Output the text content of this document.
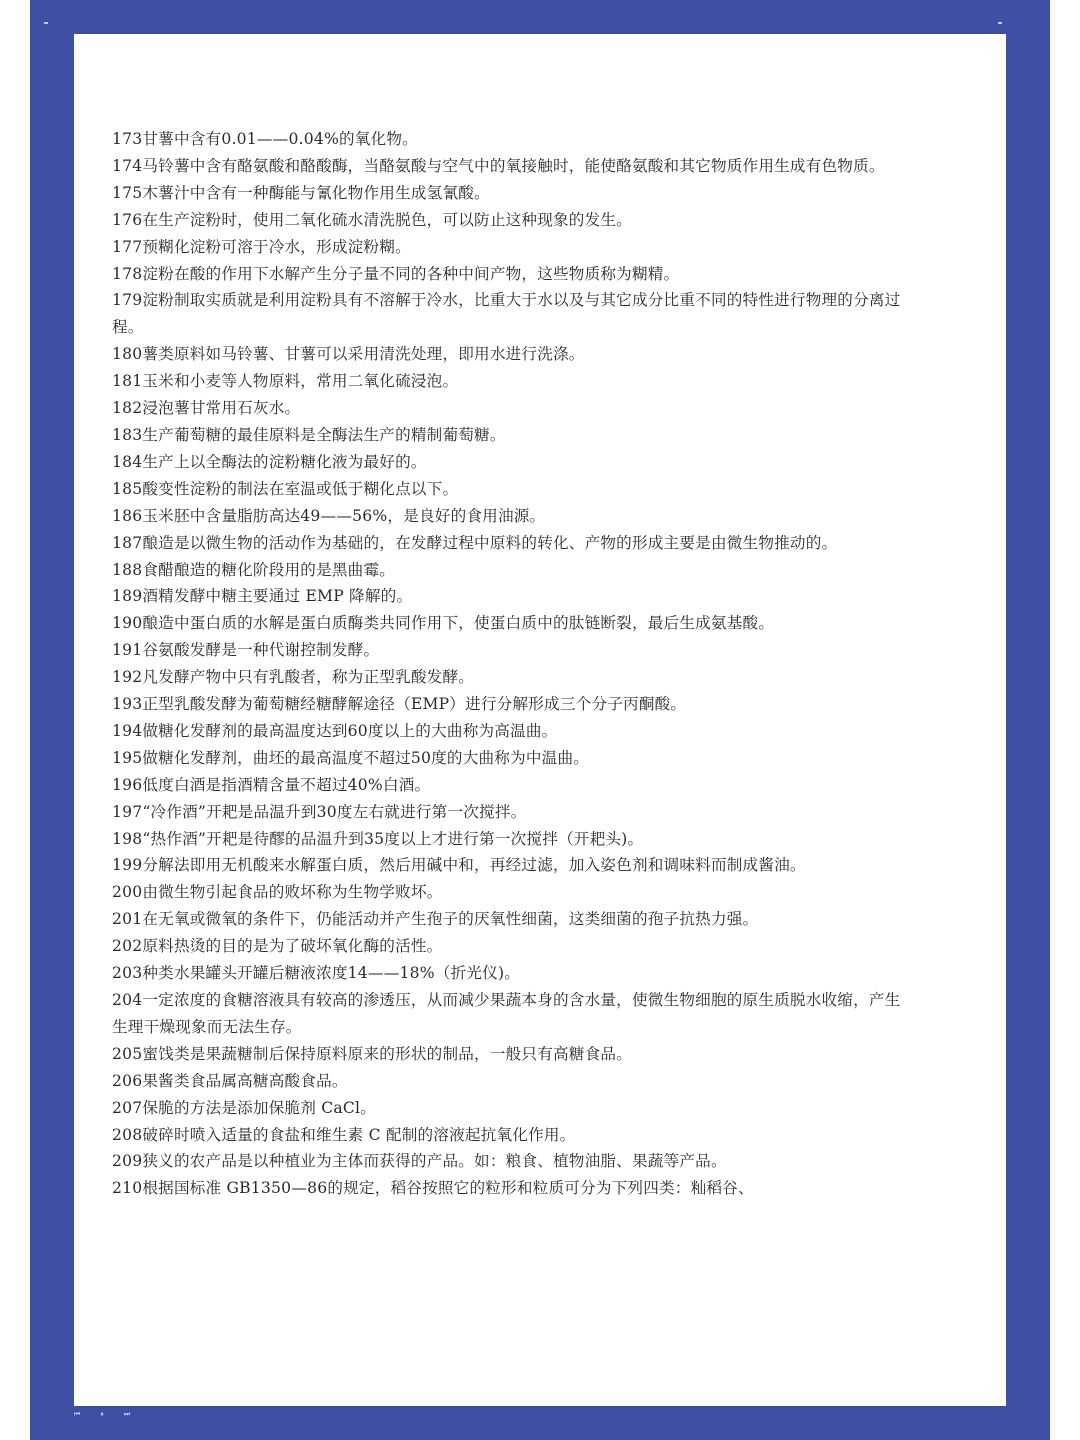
173甘薯中含有0.01——0.04%的氧化物。
174马铃薯中含有酪氨酸和酪酸酶，当酪氨酸与空气中的氧接触时，能使酪氨酸和其它物质作用生成有色物质。
175木薯汁中含有一种酶能与氰化物作用生成氢氰酸。
176在生产淀粉时，使用二氧化硫水清洗脱色，可以防止这种现象的发生。
177预糊化淀粉可溶于冷水，形成淀粉糊。
178淀粉在酸的作用下水解产生分子量不同的各种中间产物，这些物质称为糊精。
179淀粉制取实质就是利用淀粉具有不溶解于冷水，比重大于水以及与其它成分比重不同的特性进行物理的分离过程。
180薯类原料如马铃薯、甘薯可以采用清洗处理，即用水进行洗涤。
181玉米和小麦等人物原料，常用二氧化硫浸泡。
182浸泡薯甘常用石灰水。
183生产葡萄糖的最佳原料是全酶法生产的精制葡萄糖。
184生产上以全酶法的淀粉糖化液为最好的。
185酸变性淀粉的制法在室温或低于糊化点以下。
186玉米胚中含量脂肪高达49——56%，是良好的食用油源。
187酿造是以微生物的活动作为基础的，在发酵过程中原料的转化、产物的形成主要是由微生物推动的。
188食醋酿造的糖化阶段用的是黑曲霉。
189酒精发酵中糖主要通过 EMP 降解的。
190酿造中蛋白质的水解是蛋白质酶类共同作用下，使蛋白质中的肽链断裂，最后生成氨基酸。
191谷氨酸发酵是一种代谢控制发酵。
192凡发酵产物中只有乳酸者，称为正型乳酸发酵。
193正型乳酸发酵为葡萄糖经糖酵解途径（EMP）进行分解形成三个分子丙酮酸。
194做糖化发酵剂的最高温度达到60度以上的大曲称为高温曲。
195做糖化发酵剂，曲坯的最高温度不超过50度的大曲称为中温曲。
196低度白酒是指酒精含量不超过40%白酒。
197“冷作酒”开耙是品温升到30度左右就进行第一次搅拌。
198“热作酒”开耙是待醪的品温升到35度以上才进行第一次搅拌（开耙头)。
199分解法即用无机酸来水解蛋白质，然后用碱中和，再经过滤，加入姿色剂和调味料而制成酱油。
200由微生物引起食品的败坏称为生物学败坏。
201在无氧或微氧的条件下，仍能活动并产生孢子的厌氧性细菌，这类细菌的孢子抗热力强。
202原料热烫的目的是为了破坏氧化酶的活性。
203种类水果罐头开罐后糖液浓度14——18%（折光仪)。
204一定浓度的食糖溶液具有较高的渗透压，从而减少果蔬本身的含水量，使微生物细胞的原生质脱水收缩，产生生理干燥现象而无法生存。
205蜜饯类是果蔬糖制后保持原料原来的形状的制品，一般只有高糖食品。
206果酱类食品属高糖高酸食品。
207保脆的方法是添加保脆剂 CaCl。
208破碎时喷入适量的食盐和维生素 C 配制的溶液起抗氧化作用。
209狭义的农产品是以种植业为主体而获得的产品。如：粮食、植物油脂、果蔬等产品。
210根据国标准 GB1350—86的规定，稻谷按照它的粒形和粒质可分为下列四类：籼稻谷、
⏮⏸⏭
